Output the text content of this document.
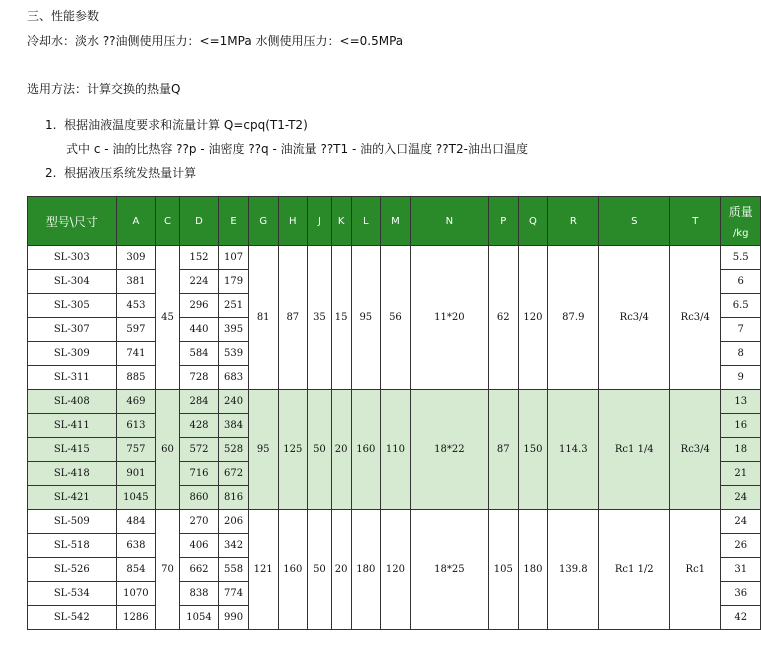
三、性能参数
冷却水：淡水 ??油侧使用压力：<=1MPa 水侧使用压力：<=0.5MPa
选用方法：计算交换的热量Q
1.  根据油液温度要求和流量计算 Q=cpq(T1-T2)
式中 c - 油的比热容 ??p - 油密度 ??q - 油流量 ??T1 - 油的入口温度 ??T2-油出口温度
2.  根据液压系统发热量计算
型号\尺寸	A	C	D	E	G	H	J	K	L	M	N	P	Q	R	S	T	质量
/kg

SL-303	309	45	152	107	81	87	35	15	95	56	11*20	62	120	87.9	Rc3/4	Rc3/4	5.5
SL-304	381		224	179													6
SL-305	453		296	251													6.5
SL-307	597		440	395													7
SL-309	741		584	539													8
SL-311	885		728	683													9
SL-408	469	60	284	240	95	125	50	20	160	110	18*22	87	150	114.3	Rc1 1/4	Rc3/4	13
SL-411	613		428	384													16
SL-415	757		572	528													18
SL-418	901		716	672													21
SL-421	1045		860	816													24
SL-509	484	70	270	206	121	160	50	20	180	120	18*25	105	180	139.8	Rc1 1/2	Rc1	24
SL-518	638		406	342													26
SL-526	854		662	558													31
SL-534	1070		838	774													36
SL-542	1286		1054	990													42
